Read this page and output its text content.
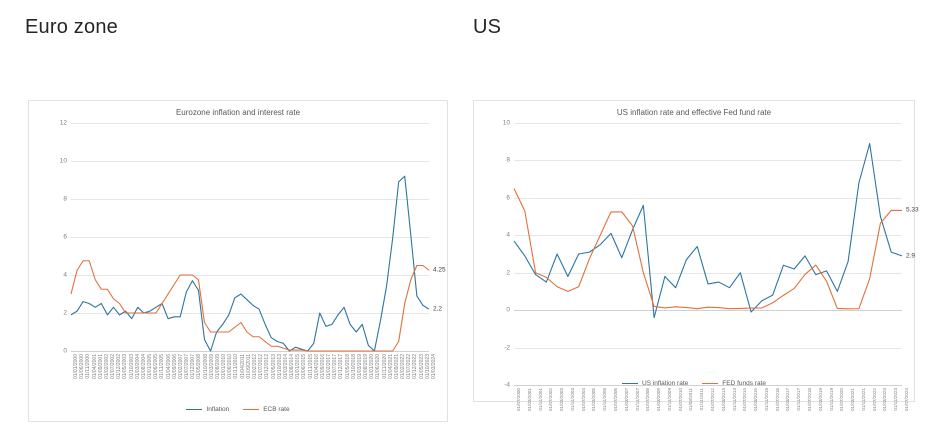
Euro zone
Eurozone inflation and interest rate
0
2
4
6
8
10
12
01/01/2000 01/06/2000 01/11/2000 01/04/2001 01/09/2001 01/02/2002 01/07/2002 01/12/2002 01/05/2003 01/10/2003 01/03/2004 01/08/2004 01/01/2005 01/06/2005 01/11/2005 01/04/2006 01/09/2006 01/02/2007 01/07/2007 01/12/2007 01/05/2008 01/10/2008 01/03/2009 01/08/2009 01/01/2010 01/06/2010 01/11/2010 01/04/2011 01/09/2011 01/02/2012 01/07/2012 01/12/2012 01/05/2013 01/10/2013 01/03/2014 01/08/2014 01/01/2015 01/06/2015 01/11/2015 01/04/2016 01/09/2016 01/02/2017 01/07/2017 01/12/2017 01/05/2018 01/10/2018 01/03/2019 01/08/2019 01/01/2020 01/06/2020 01/11/2020 01/04/2021 01/09/2021 01/02/2022 01/07/2022 01/12/2022 01/05/2023 01/10/2023 01/03/2024
4.25
2.2
Inflation	ECB rate
US
US inflation rate and effective Fed fund rate
-4
-2
0
2
4
6
8
10
01/07/2000 01/03/2001 01/11/2001 01/07/2002 01/03/2003 01/11/2003 01/07/2004 01/03/2005 01/11/2005 01/07/2006 01/03/2007 01/11/2007 01/07/2008 01/03/2009 01/11/2009 01/07/2010 01/03/2011 01/11/2011 01/07/2012 01/03/2013 01/11/2013 01/07/2014 01/03/2015 01/11/2015 01/07/2016 01/03/2017 01/11/2017 01/07/2018 01/03/2019 01/11/2019 01/07/2020 01/03/2021 01/11/2021 01/07/2022 01/03/2023 01/11/2023 01/07/2024
5.33
2.9
US inflation rate	FED funds rate
